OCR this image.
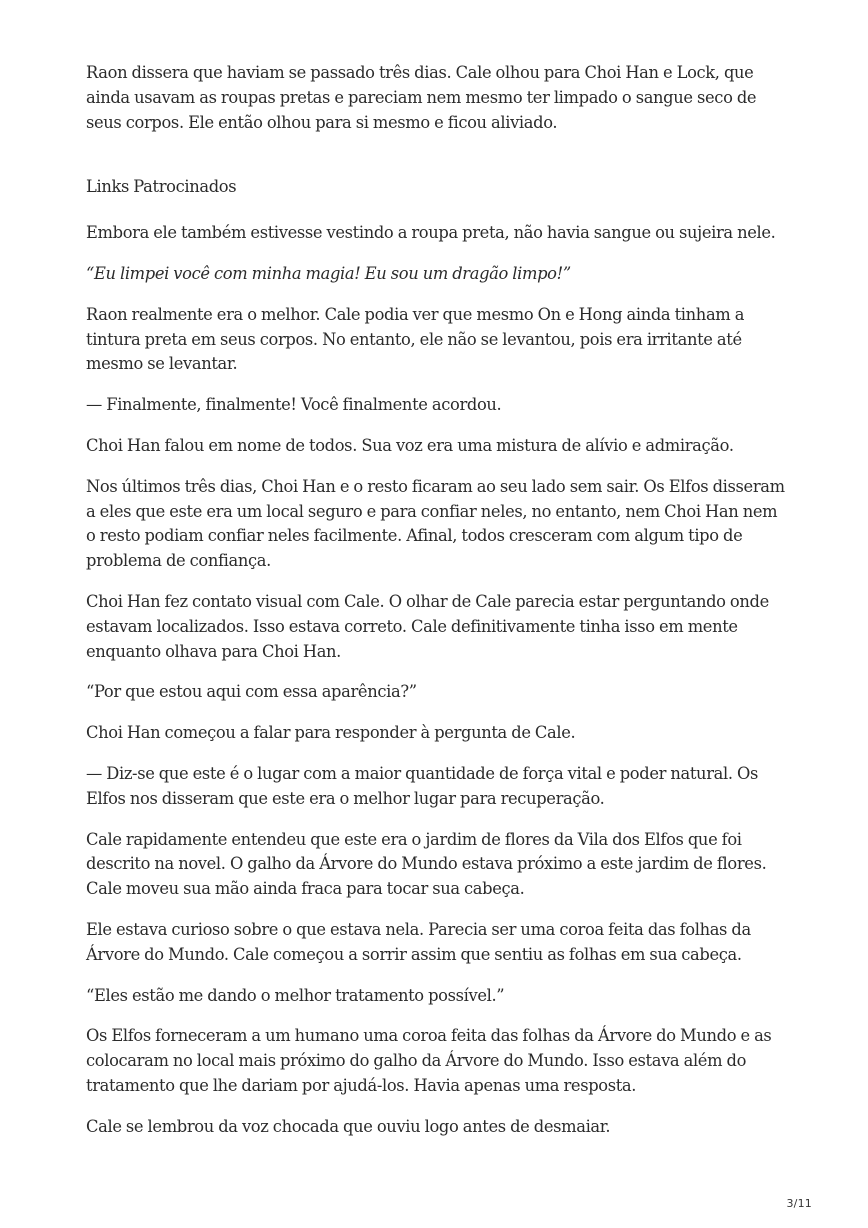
Raon dissera que haviam se passado três dias. Cale olhou para Choi Han e Lock, que ainda usavam as roupas pretas e pareciam nem mesmo ter limpado o sangue seco de seus corpos. Ele então olhou para si mesmo e ficou aliviado.

Links Patrocinados

Embora ele também estivesse vestindo a roupa preta, não havia sangue ou sujeira nele.

“Eu limpei você com minha magia! Eu sou um dragão limpo!”

Raon realmente era o melhor. Cale podia ver que mesmo On e Hong ainda tinham a tintura preta em seus corpos. No entanto, ele não se levantou, pois era irritante até mesmo se levantar.

— Finalmente, finalmente! Você finalmente acordou.

Choi Han falou em nome de todos. Sua voz era uma mistura de alívio e admiração.

Nos últimos três dias, Choi Han e o resto ficaram ao seu lado sem sair. Os Elfos disseram a eles que este era um local seguro e para confiar neles, no entanto, nem Choi Han nem o resto podiam confiar neles facilmente. Afinal, todos cresceram com algum tipo de problema de confiança.

Choi Han fez contato visual com Cale. O olhar de Cale parecia estar perguntando onde estavam localizados. Isso estava correto. Cale definitivamente tinha isso em mente enquanto olhava para Choi Han.

“Por que estou aqui com essa aparência?”

Choi Han começou a falar para responder à pergunta de Cale.

— Diz-se que este é o lugar com a maior quantidade de força vital e poder natural. Os Elfos nos disseram que este era o melhor lugar para recuperação.

Cale rapidamente entendeu que este era o jardim de flores da Vila dos Elfos que foi descrito na novel. O galho da Árvore do Mundo estava próximo a este jardim de flores. Cale moveu sua mão ainda fraca para tocar sua cabeça.

Ele estava curioso sobre o que estava nela. Parecia ser uma coroa feita das folhas da Árvore do Mundo. Cale começou a sorrir assim que sentiu as folhas em sua cabeça.

“Eles estão me dando o melhor tratamento possível.”

Os Elfos forneceram a um humano uma coroa feita das folhas da Árvore do Mundo e as colocaram no local mais próximo do galho da Árvore do Mundo. Isso estava além do tratamento que lhe dariam por ajudá-los. Havia apenas uma resposta.

Cale se lembrou da voz chocada que ouviu logo antes de desmaiar.

3/11
